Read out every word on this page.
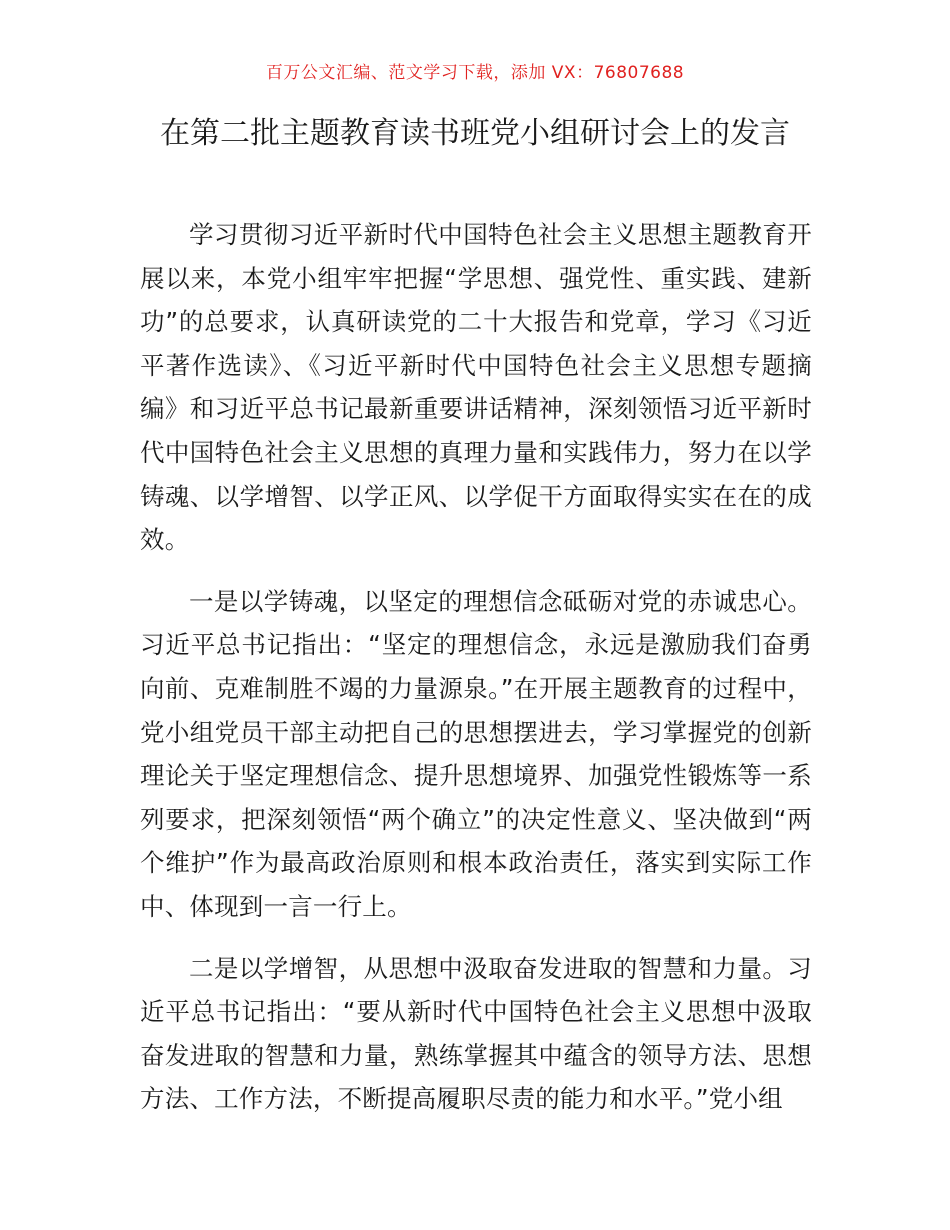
百万公文汇编、范文学习下载，添加 VX：76807688
在第二批主题教育读书班党小组研讨会上的发言

学习贯彻习近平新时代中国特色社会主义思想主题教育开展以来，本党小组牢牢把握“学思想、强党性、重实践、建新功”的总要求，认真研读党的二十大报告和党章，学习《习近平著作选读》、《习近平新时代中国特色社会主义思想专题摘编》和习近平总书记最新重要讲话精神，深刻领悟习近平新时代中国特色社会主义思想的真理力量和实践伟力，努力在以学铸魂、以学增智、以学正风、以学促干方面取得实实在在的成效。

一是以学铸魂，以坚定的理想信念砥砺对党的赤诚忠心。习近平总书记指出：“坚定的理想信念，永远是激励我们奋勇向前、克难制胜不竭的力量源泉。”在开展主题教育的过程中，党小组党员干部主动把自己的思想摆进去，学习掌握党的创新理论关于坚定理想信念、提升思想境界、加强党性锻炼等一系列要求，把深刻领悟“两个确立”的决定性意义、坚决做到“两个维护”作为最高政治原则和根本政治责任，落实到实际工作中、体现到一言一行上。

二是以学增智，从思想中汲取奋发进取的智慧和力量。习近平总书记指出：“要从新时代中国特色社会主义思想中汲取奋发进取的智慧和力量，熟练掌握其中蕴含的领导方法、思想方法、工作方法，不断提高履职尽责的能力和水平。”党小组
